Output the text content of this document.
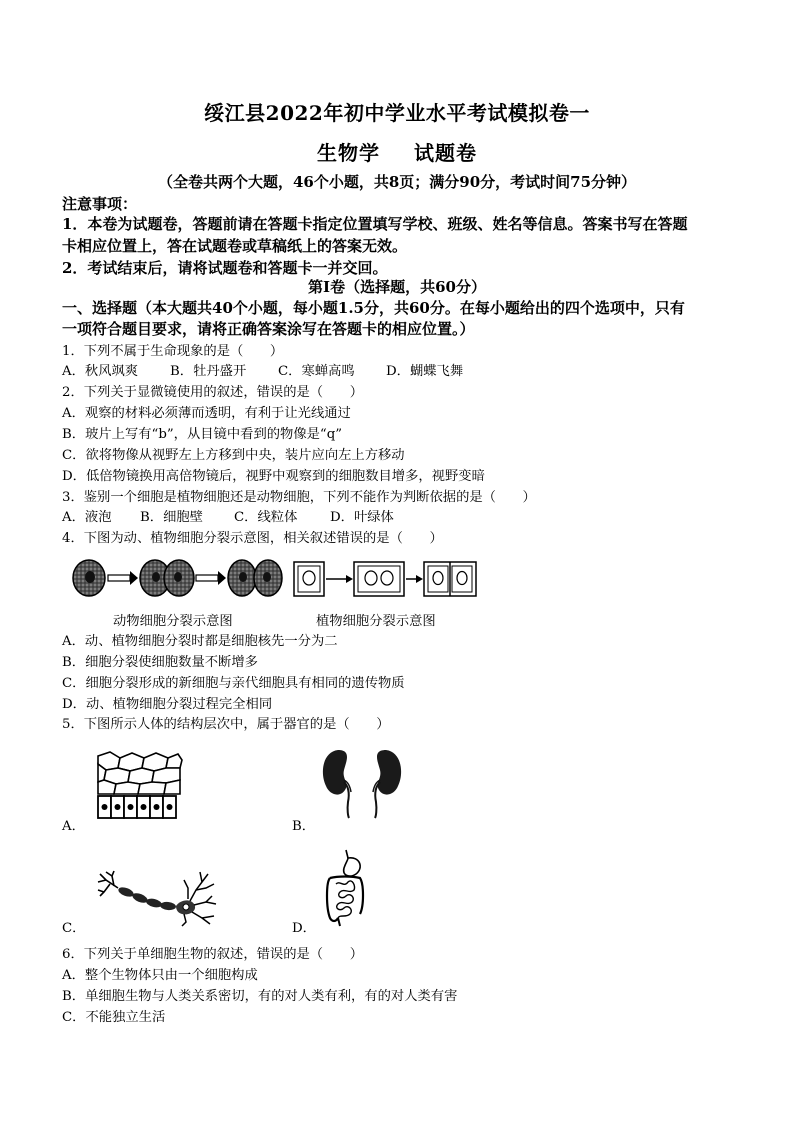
绥江县2022年初中学业水平考试模拟卷一
生物学 试题卷
（全卷共两个大题，46个小题，共8页；满分90分，考试时间75分钟）
注意事项：
1．本卷为试题卷，答题前请在答题卡指定位置填写学校、班级、姓名等信息。答案书写在答题
卡相应位置上，答在试题卷或草稿纸上的答案无效。
2．考试结束后，请将试题卷和答题卡一并交回。
第Ⅰ卷（选择题，共60分）
一、选择题（本大题共40个小题，每小题1.5分，共60分。在每小题给出的四个选项中，只有
一项符合题目要求，请将正确答案涂写在答题卡的相应位置。）
1．下列不属于生命现象的是（　　）
A．秋风飒爽 B．牡丹盛开 C．寒蝉高鸣 D．蝴蝶飞舞
2．下列关于显微镜使用的叙述，错误的是（　　）
A．观察的材料必须薄而透明，有利于让光线通过
B．玻片上写有“b”，从目镜中看到的物像是“q”
C．欲将物像从视野左上方移到中央，装片应向左上方移动
D．低倍物镜换用高倍物镜后，视野中观察到的细胞数目增多，视野变暗
3．鉴别一个细胞是植物细胞还是动物细胞，下列不能作为判断依据的是（　　）
A．液泡 B．细胞壁 C．线粒体 D．叶绿体
4．下图为动、植物细胞分裂示意图，相关叙述错误的是（　　）
动物细胞分裂示意图	植物细胞分裂示意图
A．动、植物细胞分裂时都是细胞核先一分为二
B．细胞分裂使细胞数量不断增多
C．细胞分裂形成的新细胞与亲代细胞具有相同的遗传物质
D．动、植物细胞分裂过程完全相同
5．下图所示人体的结构层次中，属于器官的是（　　）
A．	B．
C．	D．
6．下列关于单细胞生物的叙述，错误的是（　　）
A．整个生物体只由一个细胞构成
B．单细胞生物与人类关系密切，有的对人类有利，有的对人类有害
C．不能独立生活
